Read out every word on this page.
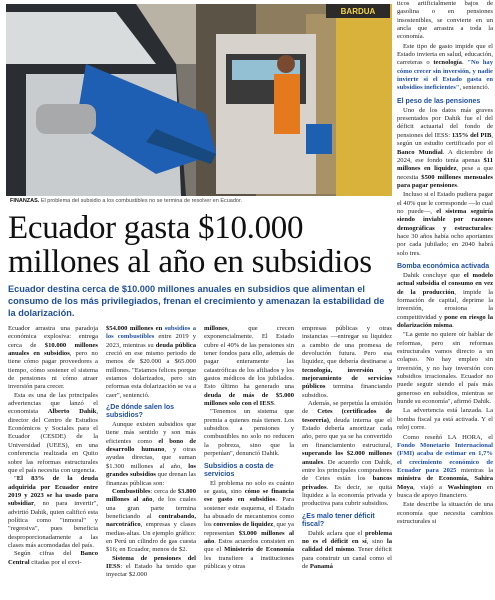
BARDUA
FINANZAS. El problema del subsidio a los combustibles no se termina de resolver en Ecuador.

ticos artificialmente bajos de gasolina o en pensiones insostenibles, se convierte en un ancla que arrastra a toda la economía.

Este tipo de gasto impide que el Estado invierta en salud, educación, carreteras o tecnología. "No hay cómo crecer sin inversión, y nadie invierte si el Estado gasta en subsidios ineficientes", sentenció.

El peso de las pensiones

Uno de los datos más graves presentados por Dahik fue el del déficit actuarial del fondo de pensiones del IESS: 135% del PIB, según un estudio certificado por el Banco Mundial. A diciembre de 2024, ese fondo tenía apenas $11 millones en liquidez, pese a que necesita $500 millones mensuales para pagar pensiones.

Incluso si el Estado pudiera pagar el 40% que le corresponde —lo cual no puede—, el sistema seguiría siendo inviable por razones demográficas y estructurales: hace 30 años había ocho aportantes por cada jubilado; en 2040 habrá solo tres.

Bomba económica activada

Dahik concluye que el modelo actual subsidia el consumo en vez de la producción, impide la formación de capital, deprime la inversión, erosiona la competitividad y pone en riesgo la dolarización misma.

"La gente no quiere oír hablar de reformas, pero sin reformas estructurales vamos directo a un colapso. No hay empleo sin inversión, y no hay inversión con subsidios irracionales. Ecuador no puede seguir siendo el país más generoso en subsidios, mientras se hunde su economía", afirmó Dahik.

La advertencia está lanzada. La bomba fiscal ya está activada. Y el reloj corre.

Como reseñó LA HORA, el Fondo Monetario Internacional (FMI) acaba de estimar en 1,7% el crecimiento económico de Ecuador para 2025 mientras la ministra de Economía, Sahira Moya, viajó a Washington en busca de apoyo financiero.

Este describe la situación de una economía que necesita cambios estructurales si

Ecuador gasta $10.000 millones al año en subsidios

Ecuador destina cerca de $10.000 millones anuales en subsidios que alimentan el consumo de los más privilegiados, frenan el crecimiento y amenazan la estabilidad de la dolarización.

Ecuador arrastra una paradoja económica explosiva: entrega cerca de $10.000 millones anuales en subsidios, pero no tiene cómo pagar proveedores a tiempo, cómo sostener el sistema de pensiones ni cómo atraer inversión para crecer.

Esta es una de las principales advertencias que lanzó el economista Alberto Dahik, director del Centro de Estudios Económicos y Sociales para el Ecuador (CESDE) de la Universidad (UEES), en una conferencia realizada en Quito sobre las reformas estructurales que el país necesita con urgencia.

"El 83% de la deuda adquirida por Ecuador entre 2019 y 2023 se ha usado para subsidiar, no para invertir", advirtió Dahik, quien calificó esta política como "inmoral" y "regresiva", pues beneficia desproporcionadamente a las clases más acomodadas del país.

Según cifras del Banco Central citadas por el exvi-

$54.000 millones en subsidios a los combustibles entre 2019 y 2023, mientras su deuda pública creció en ese mismo periodo de menos de $20.000 a $65.000 millones. "Estamos felices porque estamos dolarizados, pero sin reformas esta dolarización se va a caer", sentenció.

¿De dónde salen los subsidios?

Aunque existen subsidios que tiene más sentido y son más eficientes como el bono de desarrollo humano, y otras ayudas directas, que suman $1.300 millones al año, los grandes subsidios que drenan las finanzas públicas son:

Combustibles: cerca de $3.800 millones al año, de los cuales una gran parte termina beneficiando al contrabando, narcotráfico, empresas y clases medias-altas. Un ejemplo gráfico: en Perú un cilindro de gas cuesta $16; en Ecuador, menos de $2.

Sistema de pensiones del IESS: el Estado ha tenido que inyectar $2.000

millones, que crecen exponencialmente. El Estado cubre el 40% de las pensiones sin tener fondos para ello, además de pagar enteramente las catastróficas de los afiliados y los gastos médicos de los jubilados. Esto último ha generado una deuda de más de $5.000 millones solo con el IESS.

"Tenemos un sistema que premia a quienes más tienen. Los subsidios a pensiones y combustibles no solo no reducen la pobreza, sino que la perpetúan", denunció Dahik.

Subsidios a costa de servicios

El problema no solo es cuánto se gasta, sino cómo se financia ese gasto en subsidios. Para sostener este esquema, el Estado ha abusado de mecanismos como los convenios de liquidez, que ya representan $3.000 millones al año. Estos acuerdos consisten en que el Ministerio de Economía les transfiere a instituciones públicas y otras

empresas públicas y otras instancias —entregar su liquidez a cambio de una promesa de devolución futura. Pero esa liquidez, que debería destinarse a tecnología, inversión y mejoramiento de servicios públicos termina financiando subsidios.

Además, se perpetúa la emisión de Cetes (certificados de tesorería), deuda interna que el Estado debería amortizar cada año, pero que ya se ha convertido en financiamiento estructural, superando los $2.000 millones anuales. De acuerdo con Dahik, entre los principales compradores de Cetes están los bancos privados. Es decir, se quita liquidez a la economía privada y productiva para cubrir subsidios.

¿Es malo tener déficit fiscal?

Dahik aclara que el problema no es el déficit en sí, sino la calidad del mismo. Tener déficit para construir un canal como el de Panamá
